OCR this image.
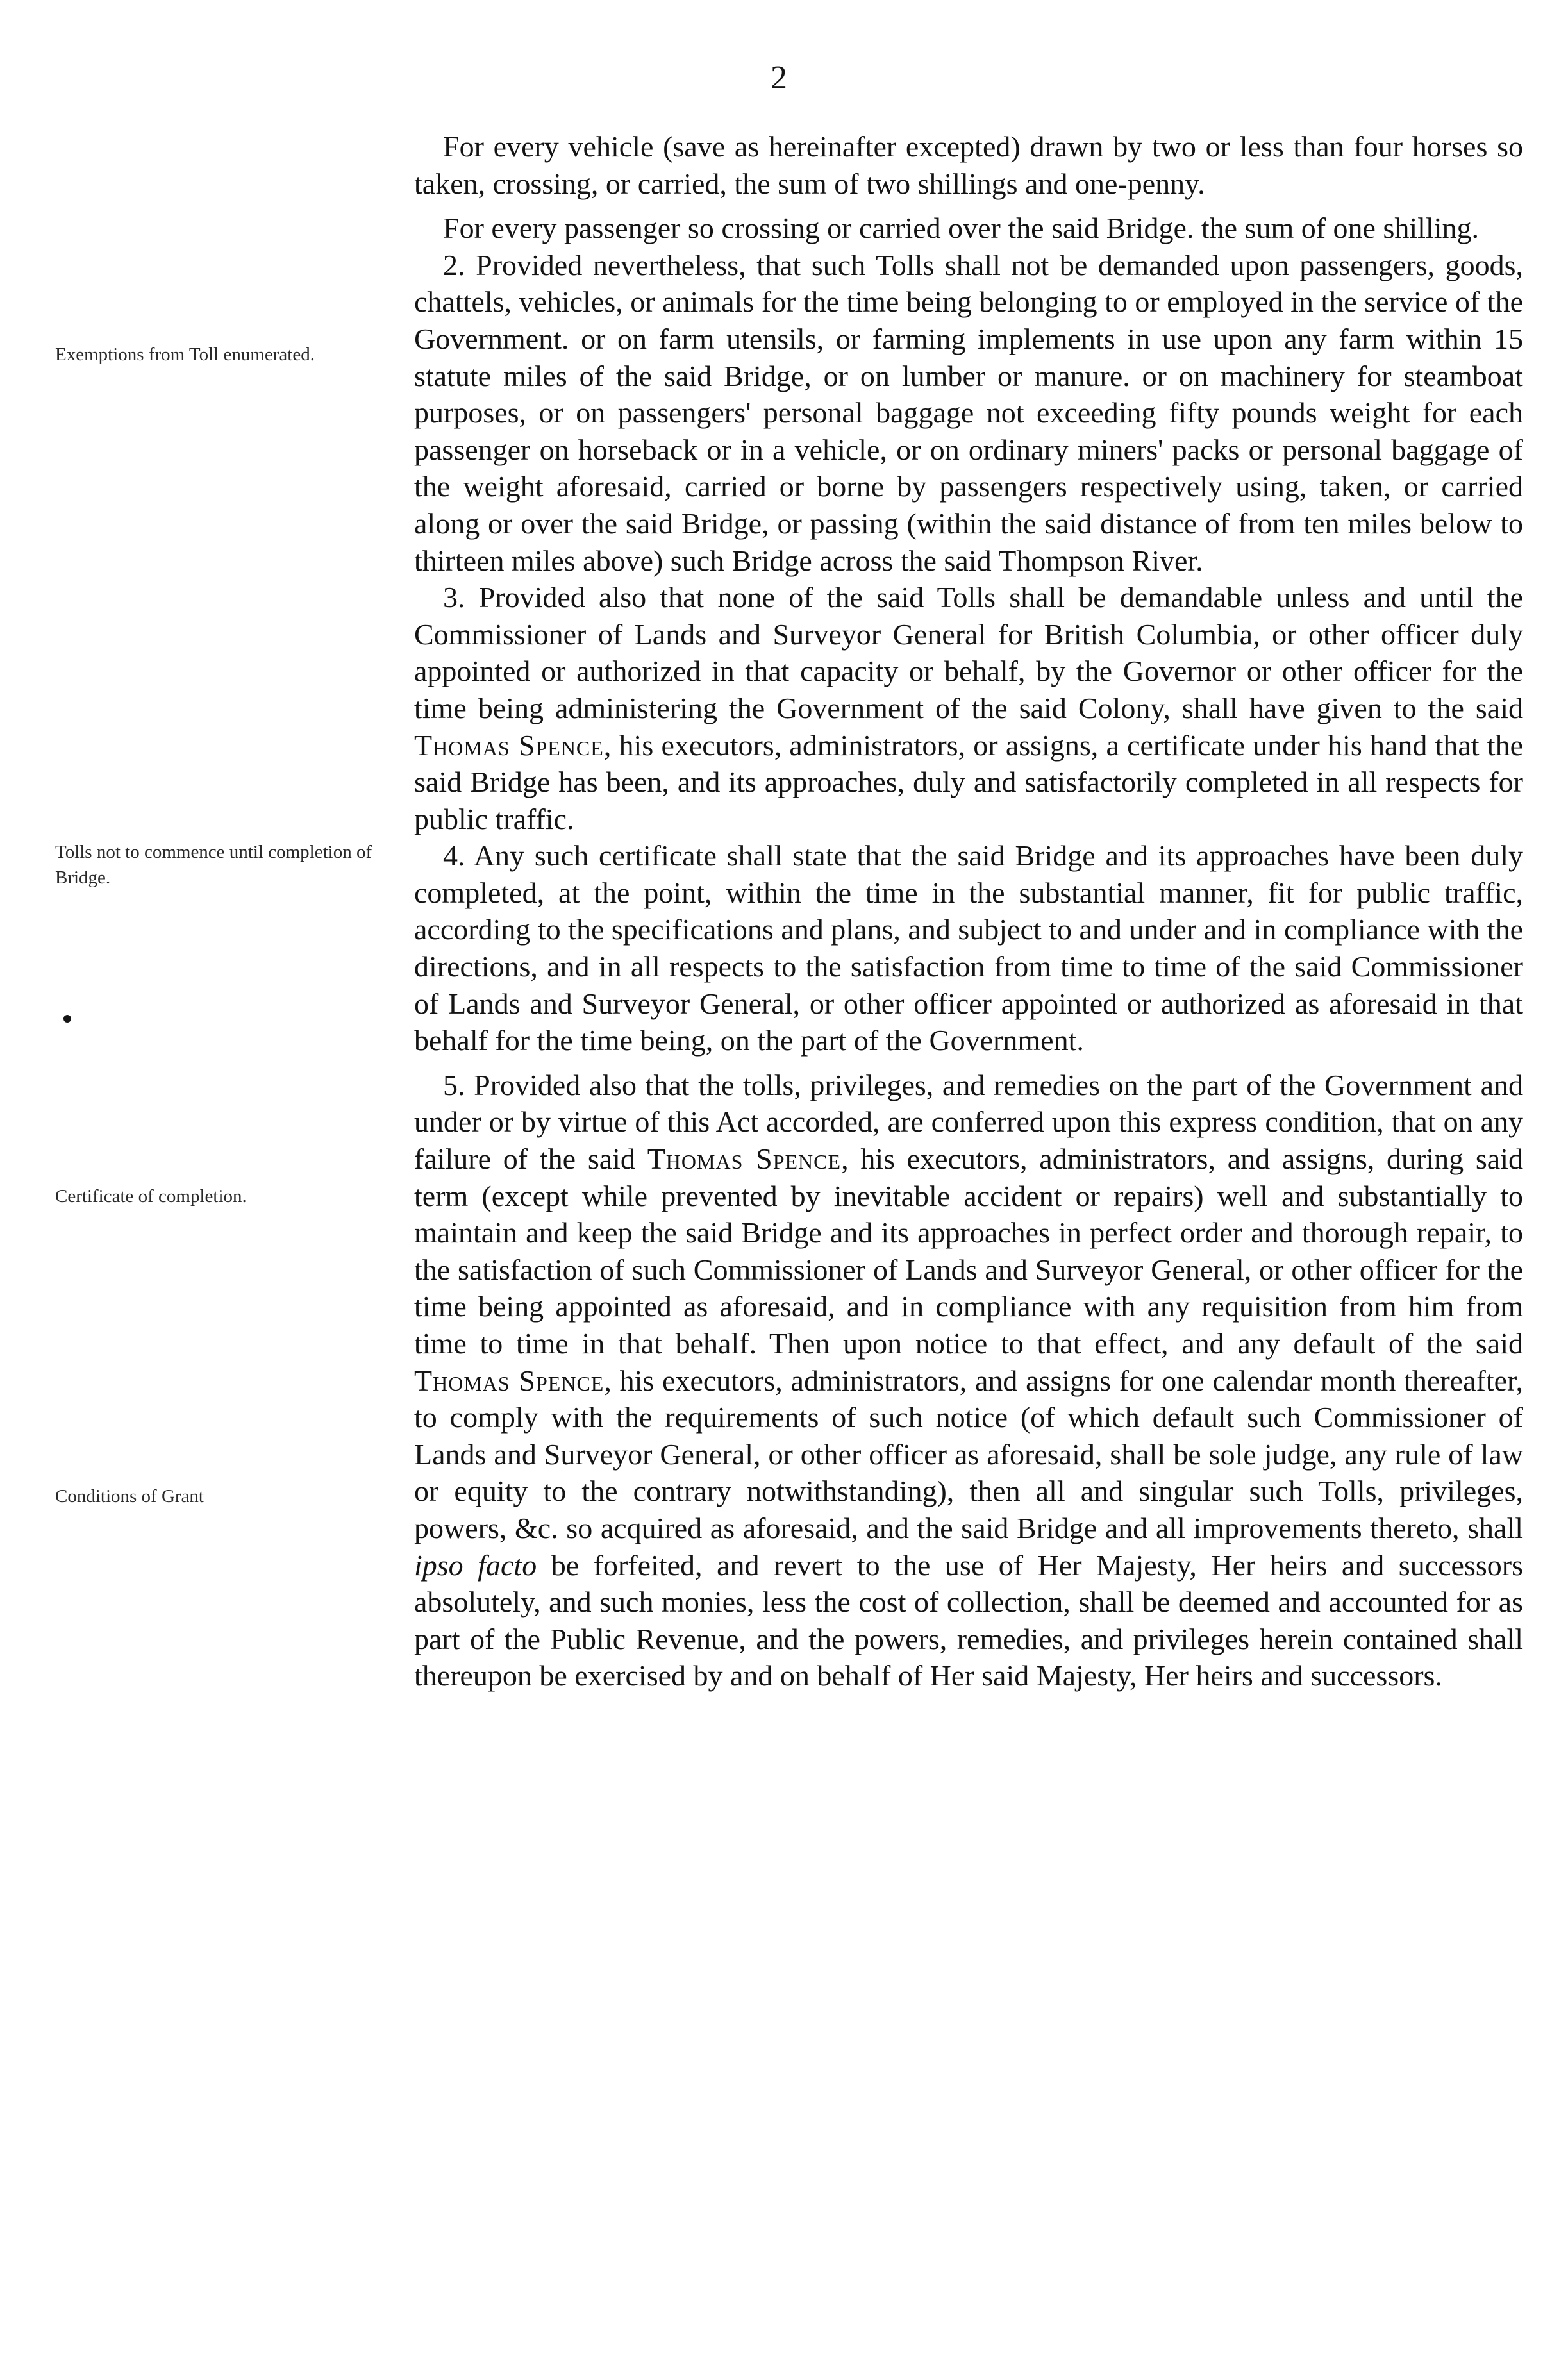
2
Exemptions from Toll enumerated.
Tolls not to commence until completion of Bridge.
Certificate of completion.
Conditions of Grant

For every vehicle (save as hereinafter excepted) drawn by two or less than four horses so taken, crossing, or carried, the sum of two shillings and one-penny.

For every passenger so crossing or carried over the said Bridge. the sum of one shilling.

2. Provided nevertheless, that such Tolls shall not be demanded upon passengers, goods, chattels, vehicles, or animals for the time being belonging to or employed in the service of the Government. or on farm utensils, or farming implements in use upon any farm within 15 statute miles of the said Bridge, or on lumber or manure. or on machinery for steamboat purposes, or on passengers' personal baggage not exceeding fifty pounds weight for each passenger on horseback or in a vehicle, or on ordinary miners' packs or personal baggage of the weight aforesaid, carried or borne by passengers respectively using, taken, or carried along or over the said Bridge, or passing (within the said distance of from ten miles below to thirteen miles above) such Bridge across the said Thompson River.

3. Provided also that none of the said Tolls shall be demandable unless and until the Commissioner of Lands and Surveyor General for British Columbia, or other officer duly appointed or authorized in that capacity or behalf, by the Governor or other officer for the time being administering the Government of the said Colony, shall have given to the said Thomas Spence, his executors, administrators, or assigns, a certificate under his hand that the said Bridge has been, and its approaches, duly and satisfactorily completed in all respects for public traffic.

4. Any such certificate shall state that the said Bridge and its approaches have been duly completed, at the point, within the time in the substantial manner, fit for public traffic, according to the specifications and plans, and subject to and under and in compliance with the directions, and in all respects to the satisfaction from time to time of the said Commissioner of Lands and Surveyor General, or other officer appointed or authorized as aforesaid in that behalf for the time being, on the part of the Government.

5. Provided also that the tolls, privileges, and remedies on the part of the Government and under or by virtue of this Act accorded, are conferred upon this express condition, that on any failure of the said Thomas Spence, his executors, administrators, and assigns, during said term (except while prevented by inevitable accident or repairs) well and substantially to maintain and keep the said Bridge and its approaches in perfect order and thorough repair, to the satisfaction of such Commissioner of Lands and Surveyor General, or other officer for the time being appointed as aforesaid, and in compliance with any requisition from him from time to time in that behalf. Then upon notice to that effect, and any default of the said Thomas Spence, his executors, administrators, and assigns for one calendar month thereafter, to comply with the requirements of such notice (of which default such Commissioner of Lands and Surveyor General, or other officer as aforesaid, shall be sole judge, any rule of law or equity to the contrary notwithstanding), then all and singular such Tolls, privileges, powers, &c. so acquired as aforesaid, and the said Bridge and all improvements thereto, shall ipso facto be forfeited, and revert to the use of Her Majesty, Her heirs and successors absolutely, and such monies, less the cost of collection, shall be deemed and accounted for as part of the Public Revenue, and the powers, remedies, and privileges herein contained shall thereupon be exercised by and on behalf of Her said Majesty, Her heirs and successors.
